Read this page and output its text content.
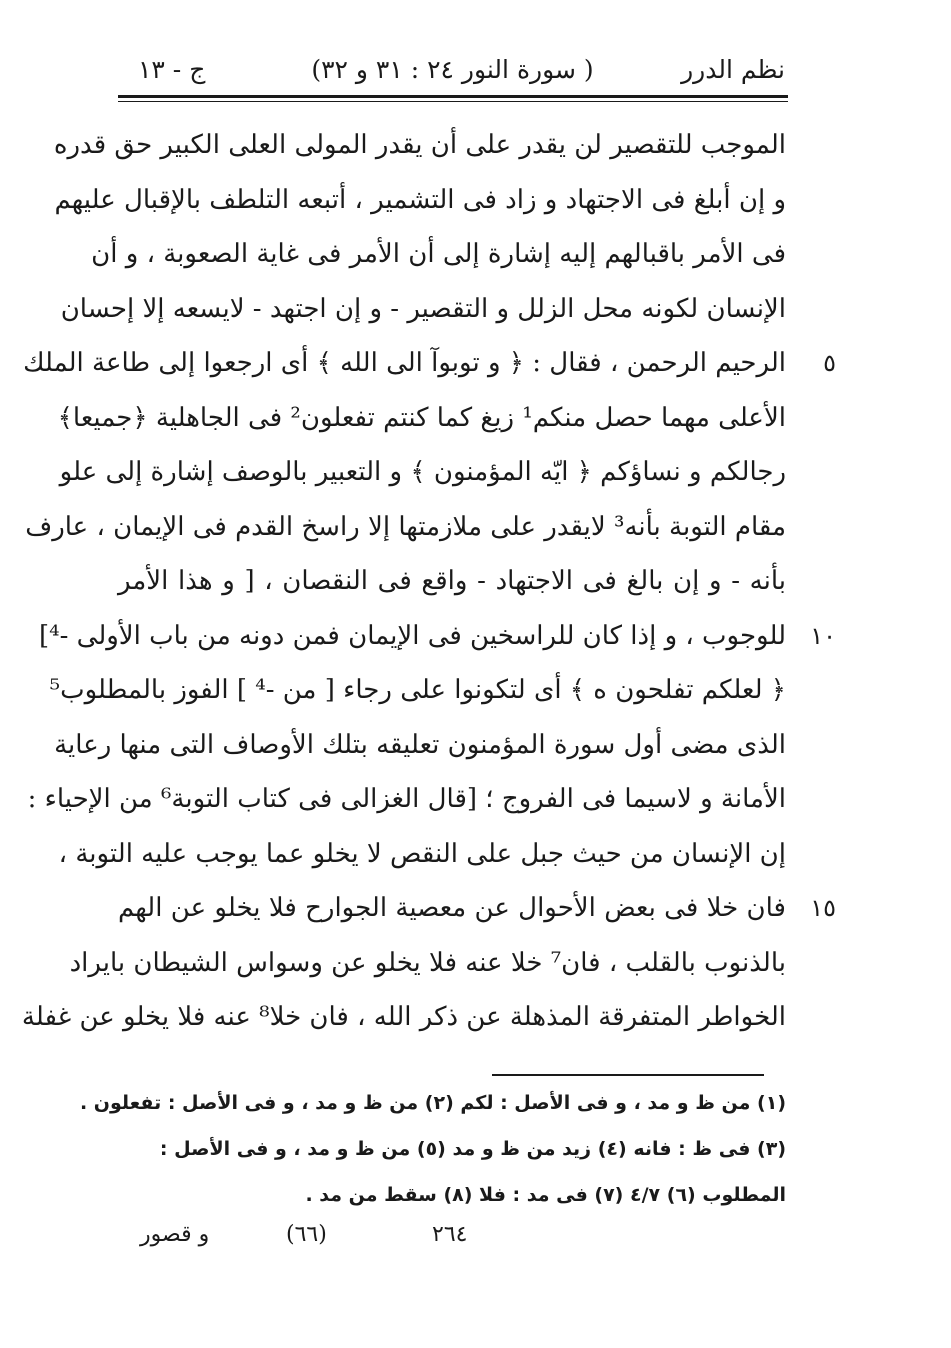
نظم الدرر
( سورة النور ٢٤ : ٣١ و ٣٢)
ج - ١٣
الموجب للتقصير لن يقدر على أن يقدر المولى العلى الكبير حق قدره
و إن أبلغ فى الاجتهاد و زاد فى التشمير ، أتبعه التلطف بالإقبال عليهم
فى الأمر باقبالهم إليه إشارة إلى أن الأمر فى غاية الصعوبة ، و أن
الإنسان لكونه محل الزلل و التقصير - و إن اجتهد - لايسعه إلا إحسان
٥
الرحيم الرحمن ، فقال : ﴿ و توبوآ الى الله ﴾ أى ارجعوا إلى طاعة الملك
الأعلى مهما حصل منكم¹ زيغ كما كنتم تفعلون² فى الجاهلية ﴿جميعا﴾
رجالكم و نساؤكم ﴿ ايّه المؤمنون ﴾ و التعبير بالوصف إشارة إلى علو
مقام التوبة بأنه³ لايقدر على ملازمتها إلا راسخ القدم فى الإيمان ، عارف
بأنه - و إن بالغ فى الاجتهاد - واقع فى النقصان ، [ و هذا الأمر
١٠
للوجوب ، و إذا كان للراسخين فى الإيمان فمن دونه من باب الأولى -⁴]
﴿ لعلكم تفلحون ه ﴾ أى لتكونوا على رجاء [ من -⁴ ] الفوز بالمطلوب⁵
الذى مضى أول سورة المؤمنون تعليقه بتلك الأوصاف التى منها رعاية
الأمانة و لاسيما فى الفروج ؛ [قال الغزالى فى كتاب التوبة⁶ من الإحياء :
إن الإنسان من حيث جبل على النقص لا يخلو عما يوجب عليه التوبة ،
١٥
فان خلا فى بعض الأحوال عن معصية الجوارح فلا يخلو عن الهم
بالذنوب بالقلب ، فان⁷ خلا عنه فلا يخلو عن وسواس الشيطان بايراد
الخواطر المتفرقة المذهلة عن ذكر الله ، فان خلا⁸ عنه فلا يخلو عن غفلة
(١) من ظ و مد ، و فى الأصل : لكم (٢) من ظ و مد ، و فى الأصل : تفعلون .
(٣) فى ظ : فانه (٤) زيد من ظ و مد (٥) من ظ و مد ، و فى الأصل :
المطلوب (٦) ٤/٧ (٧) فى مد : فلا (٨) سقط من مد .
و قصور	(٦٦)	٢٦٤
